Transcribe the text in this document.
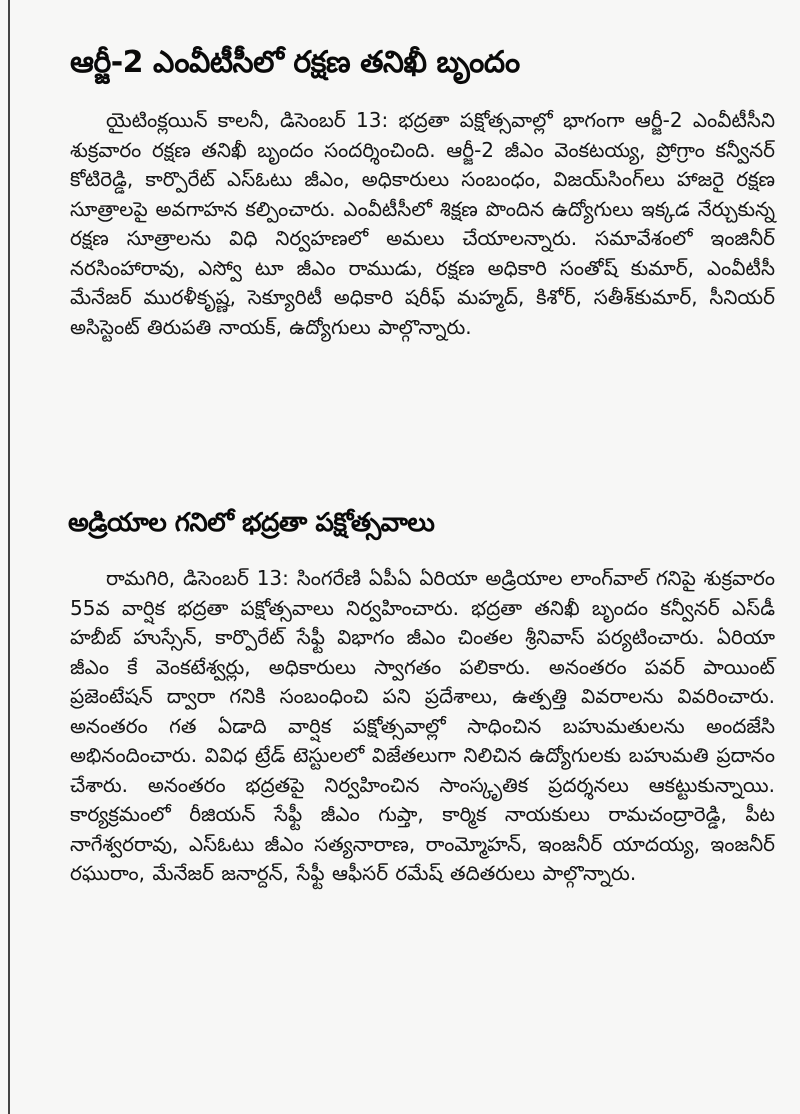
ఆర్జీ-2 ఎంవీటీసీలో రక్షణ తనిఖీ బృందం

యైటింక్లయిన్ కాలనీ, డిసెంబర్ 13: భద్రతా పక్షోత్సవాల్లో భాగంగా ఆర్జీ-2 ఎంవీటీసీని శుక్రవారం రక్షణ తనిఖీ బృందం సందర్శించింది. ఆర్జీ-2 జీఎం వెంకటయ్య, ప్రోగ్రాం కన్వీనర్ కోటిరెడ్డి, కార్పొరేట్ ఎస్ఓటు జీఎం, అధికారులు సంబంధం, విజయ్‌సింగ్‌లు హాజరై రక్షణ సూత్రాలపై అవగాహన కల్పించారు. ఎంవీటీసీలో శిక్షణ పొందిన ఉద్యోగులు ఇక్కడ నేర్చుకున్న రక్షణ సూత్రాలను విధి నిర్వహణలో అమలు చేయాలన్నారు. సమావేశంలో ఇంజినీర్ నరసింహారావు, ఎస్వో టూ జీఎం రాముడు, రక్షణ అధికారి సంతోష్ కుమార్, ఎంవీటీసీ మేనేజర్ మురళీకృష్ణ, సెక్యూరిటీ అధికారి షరీఫ్ మహ్మద్, కిశోర్, సతీశ్‌కుమార్, సీనియర్ అసిస్టెంట్ తిరుపతి నాయక్, ఉద్యోగులు పాల్గొన్నారు.

అడ్రియాల గనిలో భద్రతా పక్షోత్సవాలు

రామగిరి, డిసెంబర్ 13: సింగరేణి ఏపీఏ ఏరియా అడ్రియాల లాంగ్‌వాల్ గనిపై శుక్రవారం 55వ వార్షిక భద్రతా పక్షోత్సవాలు నిర్వహించారు. భద్రతా తనిఖీ బృందం కన్వీనర్ ఎస్‌డీ హబీబ్ హుస్సేన్, కార్పొరేట్ సేఫ్టీ విభాగం జీఎం చింతల శ్రీనివాస్ పర్యటించారు. ఏరియా జీఎం కే వెంకటేశ్వర్లు, అధికారులు స్వాగతం పలికారు. అనంతరం పవర్ పాయింట్ ప్రజెంటేషన్ ద్వారా గనికి సంబంధించి పని ప్రదేశాలు, ఉత్పత్తి వివరాలను వివరించారు. అనంతరం గత ఏడాది వార్షిక పక్షోత్సవాల్లో సాధించిన బహుమతులను అందజేసి అభినందించారు. వివిధ ట్రేడ్ టెస్టులలో విజేతలుగా నిలిచిన ఉద్యోగులకు బహుమతి ప్రదానం చేశారు. అనంతరం భద్రతపై నిర్వహించిన సాంస్కృతిక ప్రదర్శనలు ఆకట్టుకున్నాయి. కార్యక్రమంలో రీజియన్ సేఫ్టీ జీఎం గుప్తా, కార్మిక నాయకులు రామచంద్రారెడ్డి, పీట నాగేశ్వరరావు, ఎస్ఓటు జీఎం సత్యనారాణ, రాంమ్మోహన్, ఇంజనీర్ యాదయ్య, ఇంజనీర్ రఘురాం, మేనేజర్ జనార్దన్, సేఫ్టీ ఆఫీసర్ రమేష్ తదితరులు పాల్గొన్నారు.
